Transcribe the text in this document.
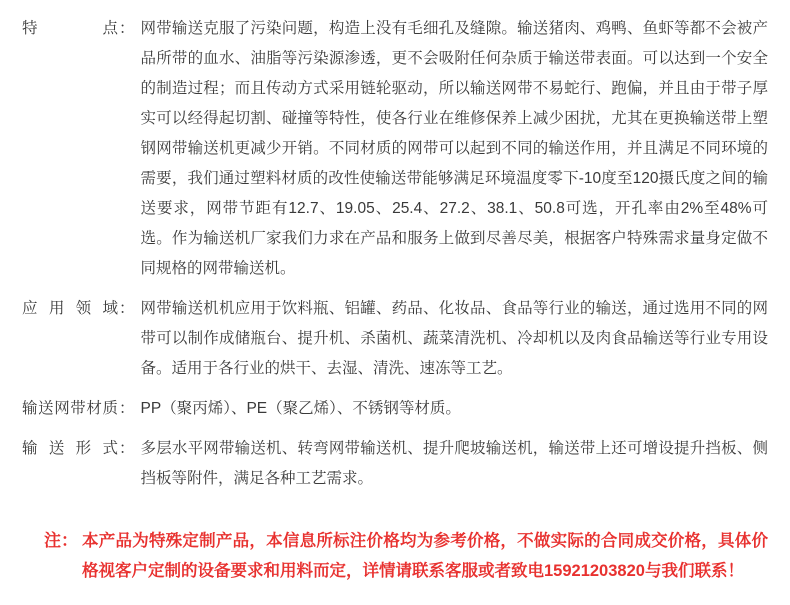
特点 ： 网带输送克服了污染问题，构造上没有毛细孔及缝隙。输送猪肉、鸡鸭、鱼虾等都不会被产品所带的血水、油脂等污染源渗透，更不会吸附任何杂质于输送带表面。可以达到一个安全的制造过程；而且传动方式采用链轮驱动，所以输送网带不易蛇行、跑偏，并且由于带子厚实可以经得起切割、碰撞等特性，使各行业在维修保养上减少困扰，尤其在更换输送带上塑钢网带输送机更减少开销。不同材质的网带可以起到不同的输送作用，并且满足不同环境的需要，我们通过塑料材质的改性使输送带能够满足环境温度零下-10度至120摄氏度之间的输送要求，网带节距有12.7、19.05、25.4、27.2、38.1、50.8可选，开孔率由2%至48%可选。作为输送机厂家我们力求在产品和服务上做到尽善尽美，根据客户特殊需求量身定做不同规格的网带输送机。
应用领域 ： 网带输送机机应用于饮料瓶、铝罐、药品、化妆品、食品等行业的输送，通过选用不同的网带可以制作成储瓶台、提升机、杀菌机、蔬菜清洗机、冷却机以及肉食品输送等行业专用设备。适用于各行业的烘干、去湿、清洗、速冻等工艺。
输送网带材质 ： PP（聚丙烯）、PE（聚乙烯）、不锈钢等材质。
输送形式 ： 多层水平网带输送机、转弯网带输送机、提升爬坡输送机，输送带上还可增设提升挡板、侧挡板等附件，满足各种工艺需求。
注： 本产品为特殊定制产品，本信息所标注价格均为参考价格，不做实际的合同成交价格，具体价格视客户定制的设备要求和用料而定，详情请联系客服或者致电15921203820与我们联系！
